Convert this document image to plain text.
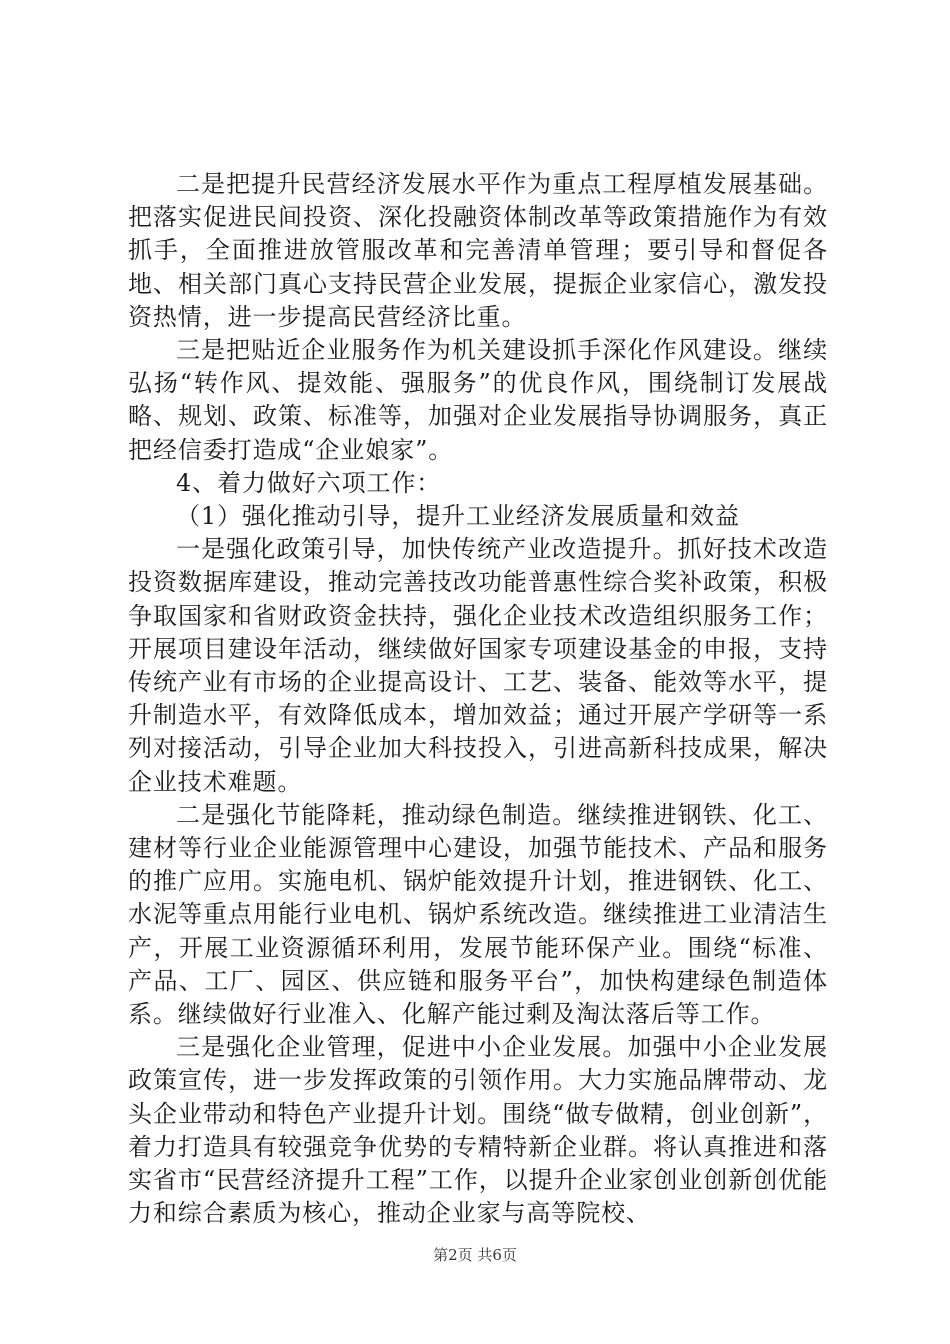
二是把提升民营经济发展水平作为重点工程厚植发展基础。把落实促进民间投资、深化投融资体制改革等政策措施作为有效抓手，全面推进放管服改革和完善清单管理；要引导和督促各地、相关部门真心支持民营企业发展，提振企业家信心，激发投资热情，进一步提高民营经济比重。

三是把贴近企业服务作为机关建设抓手深化作风建设。继续弘扬“转作风、提效能、强服务”的优良作风，围绕制订发展战略、规划、政策、标准等，加强对企业发展指导协调服务，真正把经信委打造成“企业娘家”。

4、着力做好六项工作：

（1）强化推动引导，提升工业经济发展质量和效益

一是强化政策引导，加快传统产业改造提升。抓好技术改造投资数据库建设，推动完善技改功能普惠性综合奖补政策，积极争取国家和省财政资金扶持，强化企业技术改造组织服务工作；开展项目建设年活动，继续做好国家专项建设基金的申报，支持传统产业有市场的企业提高设计、工艺、装备、能效等水平，提升制造水平，有效降低成本，增加效益；通过开展产学研等一系列对接活动，引导企业加大科技投入，引进高新科技成果，解决企业技术难题。

二是强化节能降耗，推动绿色制造。继续推进钢铁、化工、建材等行业企业能源管理中心建设，加强节能技术、产品和服务的推广应用。实施电机、锅炉能效提升计划，推进钢铁、化工、水泥等重点用能行业电机、锅炉系统改造。继续推进工业清洁生产，开展工业资源循环利用，发展节能环保产业。围绕“标准、产品、工厂、园区、供应链和服务平台”，加快构建绿色制造体系。继续做好行业准入、化解产能过剩及淘汰落后等工作。

三是强化企业管理，促进中小企业发展。加强中小企业发展政策宣传，进一步发挥政策的引领作用。大力实施品牌带动、龙头企业带动和特色产业提升计划。围绕“做专做精，创业创新”，着力打造具有较强竞争优势的专精特新企业群。将认真推进和落实省市“民营经济提升工程”工作，以提升企业家创业创新创优能力和综合素质为核心，推动企业家与高等院校、

第2页 共6页
